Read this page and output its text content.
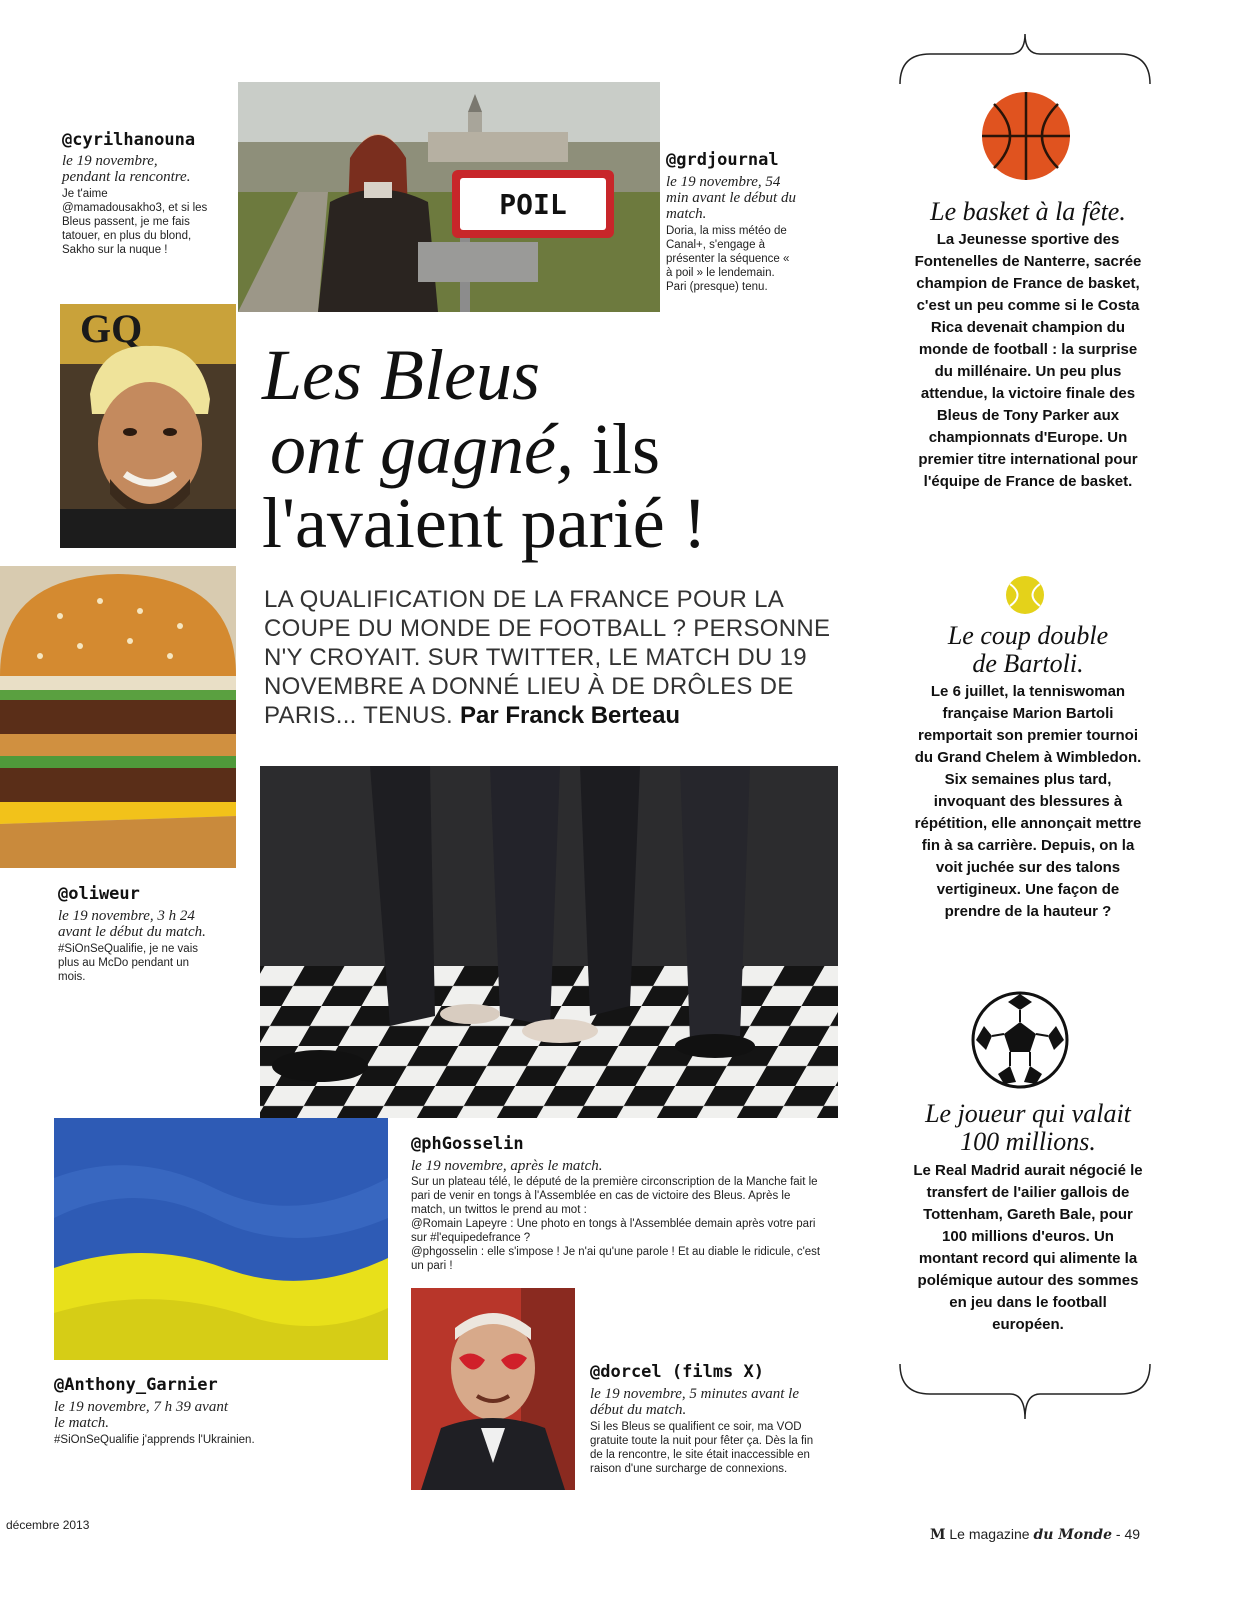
@cyrilhanouna
le 19 novembre, pendant la rencontre.
Je t'aime @mamadousakho3, et si les Bleus passent, je me fais tatouer, en plus du blond, Sakho sur la nuque !
GQ
POIL
@grdjournal
le 19 novembre, 54 min avant le début du match.
Doria, la miss météo de Canal+, s'engage à présenter la séquence « à poil » le lendemain. Pari (presque) tenu.
Les Bleus
ont gagné, ils
l'avaient parié !
LA QUALIFICATION DE LA FRANCE POUR LA COUPE DU MONDE DE FOOTBALL ? PERSONNE N'Y CROYAIT. SUR TWITTER, LE MATCH DU 19 NOVEMBRE A DONNÉ LIEU À DE DRÔLES DE PARIS... TENUS. Par Franck Berteau
@oliweur
le 19 novembre, 3 h 24 avant le début du match.
#SiOnSeQualifie, je ne vais plus au McDo pendant un mois.
@Anthony_Garnier
le 19 novembre, 7 h 39 avant le match.
#SiOnSeQualifie j'apprends l'Ukrainien.
@phGosselin
le 19 novembre, après le match.
Sur un plateau télé, le député de la première circonscription de la Manche fait le pari de venir en tongs à l'Assemblée en cas de victoire des Bleus. Après le match, un twittos le prend au mot :
@Romain Lapeyre : Une photo en tongs à l'Assemblée demain après votre pari sur #l'equipedefrance ?
@phgosselin : elle s'impose ! Je n'ai qu'une parole ! Et au diable le ridicule, c'est un pari !
@dorcel (films X)
le 19 novembre, 5 minutes avant le début du match.
Si les Bleus se qualifient ce soir, ma VOD gratuite toute la nuit pour fêter ça. Dès la fin de la rencontre, le site était inaccessible en raison d'une surcharge de connexions.
Le basket à la fête.
La Jeunesse sportive des Fontenelles de Nanterre, sacrée champion de France de basket, c'est un peu comme si le Costa Rica devenait champion du monde de football : la surprise du millénaire. Un peu plus attendue, la victoire finale des Bleus de Tony Parker aux championnats d'Europe. Un premier titre international pour l'équipe de France de basket.
Le coup double de Bartoli.
Le 6 juillet, la tenniswoman française Marion Bartoli remportait son premier tournoi du Grand Chelem à Wimbledon. Six semaines plus tard, invoquant des blessures à répétition, elle annonçait mettre fin à sa carrière. Depuis, on la voit juchée sur des talons vertigineux. Une façon de prendre de la hauteur ?
Le joueur qui valait 100 millions.
Le Real Madrid aurait négocié le transfert de l'ailier gallois de Tottenham, Gareth Bale, pour 100 millions d'euros. Un montant record qui alimente la polémique autour des sommes en jeu dans le football européen.
décembre 2013
M Le magazine du Monde - 49
